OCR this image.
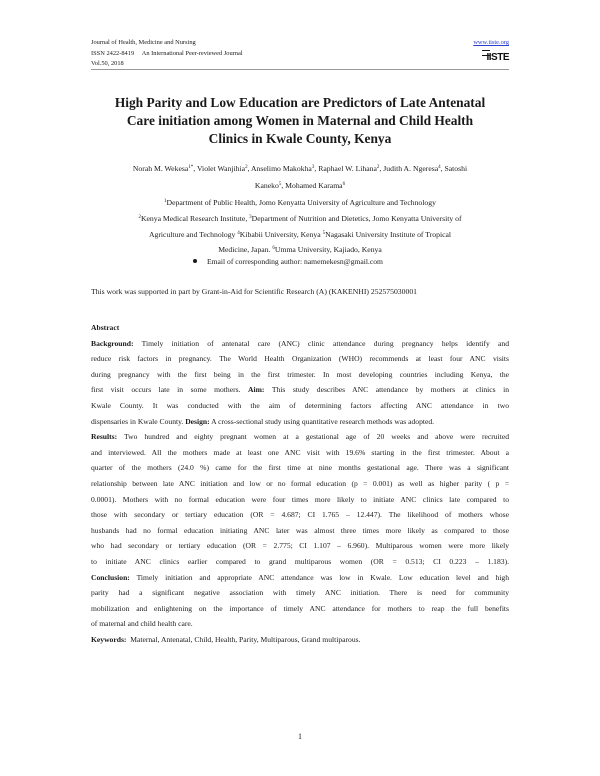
Journal of Health, Medicine and Nursing
ISSN 2422-8419     An International Peer-reviewed Journal
Vol.50, 2018
www.iiste.org
IISTE
High Parity and Low Education are Predictors of Late Antenatal
Care initiation among Women in Maternal and Child Health
Clinics in Kwale County, Kenya
Norah M. Wekesa$^{1*}$, Violet Wanjihia$^2$, Anselimo Makokha$^3$, Raphael W. Lihana$^2$, Judith A. Ngeresa$^4$, Satoshi
Kaneko$^5$, Mohamed Karama$^6$
$^1$Department of Public Health, Jomo Kenyatta University of Agriculture and Technology
$^2$Kenya Medical Research Institute, $^3$Department of Nutrition and Dietetics, Jomo Kenyatta University of
Agriculture and Technology $^4$Kibabii University, Kenya $^5$Nagasaki University Institute of Tropical
Medicine, Japan. $^6$Umma University, Kajiado, Kenya
Email of corresponding author: namemekesn@gmail.com
This work was supported in part by Grant-in-Aid for Scientific Research (A) (KAKENHI) 252575030001
Abstract
Background: Timely initiation of antenatal care (ANC) clinic attendance during pregnancy helps identify and
reduce risk factors in pregnancy. The World Health Organization (WHO) recommends at least four ANC visits
during pregnancy with the first being in the first trimester. In most developing countries including Kenya, the
first visit occurs late in some mothers. Aim: This study describes ANC attendance by mothers at clinics in
Kwale County. It was conducted with the aim of determining factors affecting ANC attendance in two
dispensaries in Kwale County. Design: A cross-sectional study using quantitative research methods was adopted.
Results: Two hundred and eighty pregnant women at a gestational age of 20 weeks and above were recruited
and interviewed. All the mothers made at least one ANC visit with 19.6% starting in the first trimester. About a
quarter of the mothers (24.0 %) came for the first time at nine months gestational age. There was a significant
relationship between late ANC initiation and low or no formal education (p = 0.001) as well as higher parity ( p =
0.0001). Mothers with no formal education were four times more likely to initiate ANC clinics late compared to
those with secondary or tertiary education (OR = 4.687; CI 1.765 – 12.447). The likelihood of mothers whose
husbands had no formal education initiating ANC later was almost three times more likely as compared to those
who had secondary or tertiary education (OR = 2.775; CI 1.107 – 6.960). Multiparous women were more likely
to initiate ANC clinics earlier compared to grand multiparous women (OR = 0.513; CI 0.223 – 1.183).
Conclusion: Timely initiation and appropriate ANC attendance was low in Kwale. Low education level and high
parity had a significant negative association with timely ANC initiation. There is need for community
mobilization and enlightening on the importance of timely ANC attendance for mothers to reap the full benefits
of maternal and child health care.
Keywords:  Maternal, Antenatal, Child, Health, Parity, Multiparous, Grand multiparous.
1
